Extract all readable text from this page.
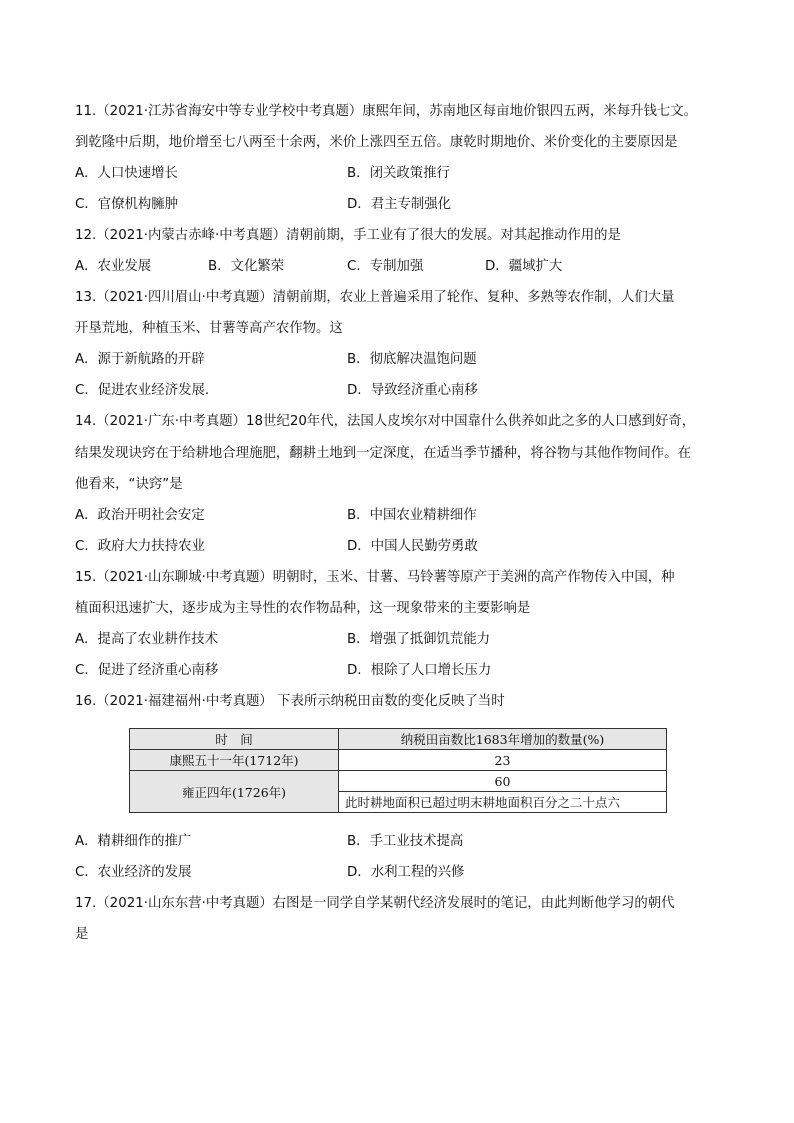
11.（2021·江苏省海安中等专业学校中考真题）康熙年间，苏南地区每亩地价银四五两，米每升钱七文。
到乾隆中后期，地价增至七八两至十余两，米价上涨四至五倍。康乾时期地价、米价变化的主要原因是
A．人口快速增长	B．闭关政策推行
C．官僚机构臃肿	D．君主专制强化
12.（2021·内蒙古赤峰·中考真题）清朝前期，手工业有了很大的发展。对其起推动作用的是
A．农业发展	B．文化繁荣	C．专制加强	D．疆域扩大
13.（2021·四川眉山·中考真题）清朝前期，农业上普遍采用了轮作、复种、多熟等农作制，人们大量
开垦荒地，种植玉米、甘薯等高产农作物。这
A．源于新航路的开辟	B．彻底解决温饱问题
C．促进农业经济发展.	D．导致经济重心南移
14.（2021·广东·中考真题）18世纪20年代，法国人皮埃尔对中国靠什么供养如此之多的人口感到好奇，
结果发现诀窍在于给耕地合理施肥，翻耕土地到一定深度，在适当季节播种，将谷物与其他作物间作。在
他看来，“诀窍”是
A．政治开明社会安定	B．中国农业精耕细作
C．政府大力扶持农业	D．中国人民勤劳勇敢
15.（2021·山东聊城·中考真题）明朝时，玉米、甘薯、马铃薯等原产于美洲的高产作物传入中国，种
植面积迅速扩大，逐步成为主导性的农作物品种，这一现象带来的主要影响是
A．提高了农业耕作技术	B．增强了抵御饥荒能力
C．促进了经济重心南移	D．根除了人口增长压力
16.（2021·福建福州·中考真题） 下表所示纳税田亩数的变化反映了当时
时　间	纳税田亩数比1683年增加的数量(%)
康熙五十一年(1712年)	23
雍正四年(1726年)	60
	此时耕地面积已超过明末耕地面积百分之二十点六
A．精耕细作的推广	B．手工业技术提高
C．农业经济的发展	D．水利工程的兴修
17.（2021·山东东营·中考真题）右图是一同学自学某朝代经济发展时的笔记，由此判断他学习的朝代
是
